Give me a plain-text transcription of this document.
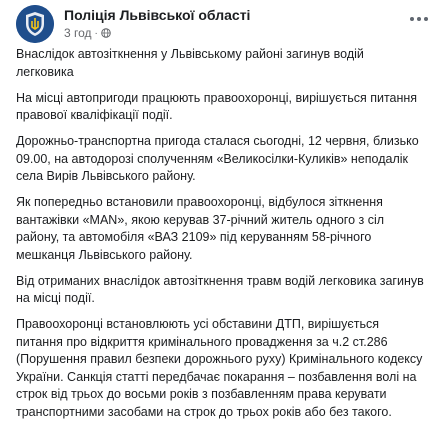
Поліція Львівської області
3 год ·

Внаслідок автозіткнення у Львівському районі загинув водій легковика

На місці автопригоди працюють правоохоронці, вирішується питання правової кваліфікації події.

Дорожньо-транспортна пригода сталася сьогодні, 12 червня, близько 09.00, на автодорозі сполученням «Великосілки-Куликів» неподалік села Вирів Львівського району.

Як попередньо встановили правоохоронці, відбулося зіткнення вантажівки «MAN», якою керував 37-річний житель одного з сіл району, та автомобіля «ВАЗ 2109» під керуванням 58-річного мешканця Львівського району.

Від отриманих внаслідок автозіткнення травм водій легковика загинув на місці події.

Правоохоронці встановлюють усі обставини ДТП, вирішується питання про відкриття кримінального провадження за ч.2 ст.286 (Порушення правил безпеки дорожнього руху) Кримінального кодексу України. Санкція статті передбачає покарання – позбавлення волі на строк від трьох до восьми років з позбавленням права керувати транспортними засобами на строк до трьох років або без такого.
